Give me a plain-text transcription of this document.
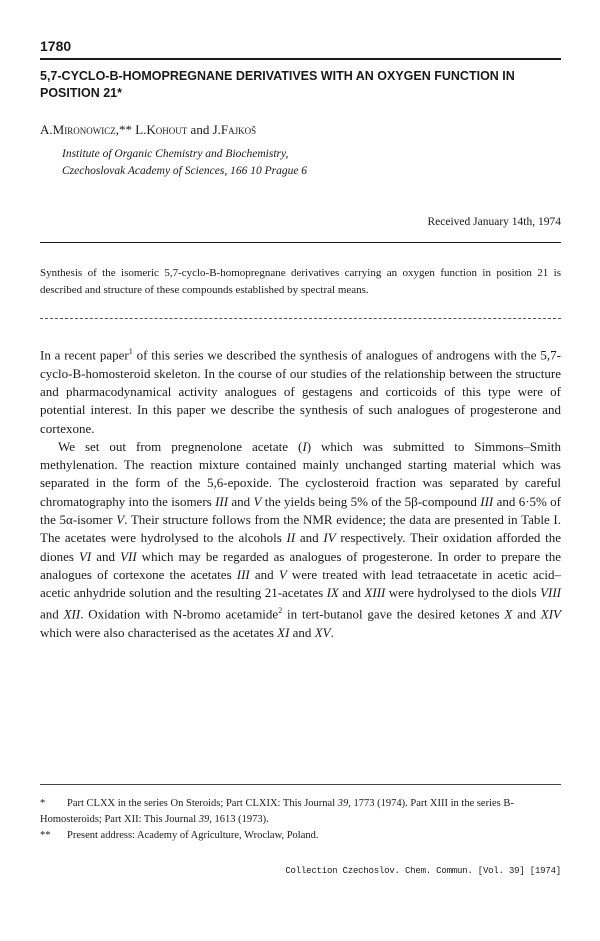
1780
5,7-CYCLO-B-HOMOPREGNANE DERIVATIVES WITH AN OXYGEN FUNCTION IN POSITION 21*
A.Mironowicz,** L.Kohout and J.Fajkoš
Institute of Organic Chemistry and Biochemistry,
Czechoslovak Academy of Sciences, 166 10 Prague 6
Received January 14th, 1974
Synthesis of the isomeric 5,7-cyclo-B-homopregnane derivatives carrying an oxygen function in position 21 is described and structure of these compounds established by spectral means.

In a recent paper$^1$ of this series we described the synthesis of analogues of androgens with the 5,7-cyclo-B-homosteroid skeleton. In the course of our studies of the relationship between the structure and pharmacodynamical activity analogues of gestagens and corticoids of this type were of potential interest. In this paper we describe the synthesis of such analogues of progesterone and cortexone.

We set out from pregnenolone acetate (I) which was submitted to Simmons–Smith methylenation. The reaction mixture contained mainly unchanged starting material which was separated in the form of the 5,6-epoxide. The cyclosteroid fraction was separated by careful chromatography into the isomers III and V the yields being 5% of the 5β-compound III and 6·5% of the 5α-isomer V. Their structure follows from the NMR evidence; the data are presented in Table I. The acetates were hydrolysed to the alcohols II and IV respectively. Their oxidation afforded the diones VI and VII which may be regarded as analogues of progesterone. In order to prepare the analogues of cortexone the acetates III and V were treated with lead tetraacetate in acetic acid–acetic anhydride solution and the resulting 21-acetates IX and XIII were hydrolysed to the diols VIII and XII. Oxidation with N-bromo acetamide$^2$ in tert-butanol gave the desired ketones X and XIV which were also characterised as the acetates XI and XV.

* Part CLXX in the series On Steroids; Part CLXIX: This Journal 39, 1773 (1974). Part XIII in the series B-Homosteroids; Part XII: This Journal 39, 1613 (1973).

** Present address: Academy of Agriculture, Wroclaw, Poland.

Collection Czechoslov. Chem. Commun. [Vol. 39] [1974]
